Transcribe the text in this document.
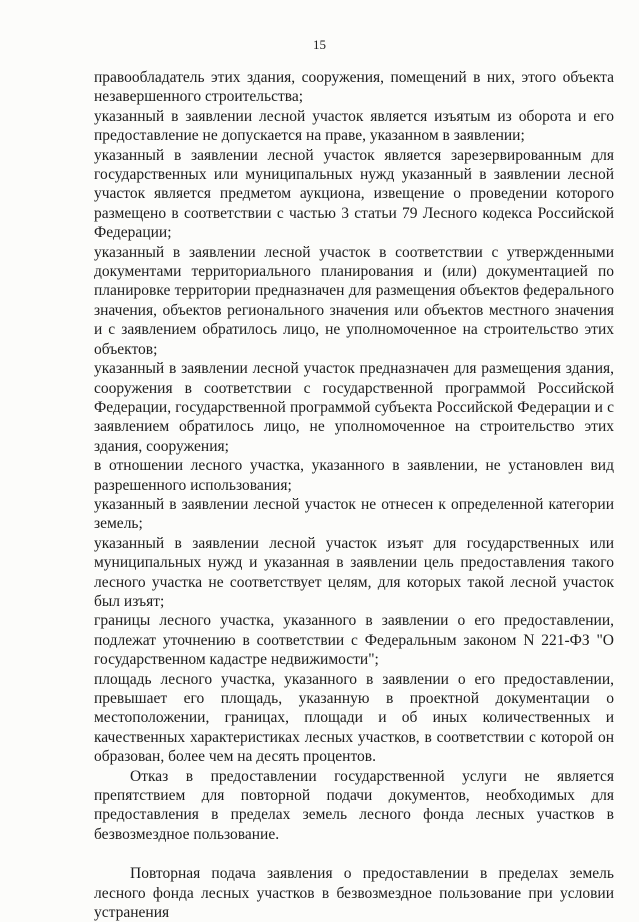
15

правообладатель этих здания, сооружения, помещений в них, этого объекта незавершенного строительства;

указанный в заявлении лесной участок является изъятым из оборота и его предоставление не допускается на праве, указанном в заявлении;

указанный в заявлении лесной участок является зарезервированным для государственных или муниципальных нужд указанный в заявлении лесной участок является предметом аукциона, извещение о проведении которого размещено в соответствии с частью 3 статьи 79 Лесного кодекса Российской Федерации;

указанный в заявлении лесной участок в соответствии с утвержденными документами территориального планирования и (или) документацией по планировке территории предназначен для размещения объектов федерального значения, объектов регионального значения или объектов местного значения и с заявлением обратилось лицо, не уполномоченное на строительство этих объектов;

указанный в заявлении лесной участок предназначен для размещения здания, сооружения в соответствии с государственной программой Российской Федерации, государственной программой субъекта Российской Федерации и с заявлением обратилось лицо, не уполномоченное на строительство этих здания, сооружения;

в отношении лесного участка, указанного в заявлении, не установлен вид разрешенного использования;

указанный в заявлении лесной участок не отнесен к определенной категории земель;

указанный в заявлении лесной участок изъят для государственных или муниципальных нужд и указанная в заявлении цель предоставления такого лесного участка не соответствует целям, для которых такой лесной участок был изъят;

границы лесного участка, указанного в заявлении о его предоставлении, подлежат уточнению в соответствии с Федеральным законом N 221-ФЗ "О государственном кадастре недвижимости";

площадь лесного участка, указанного в заявлении о его предоставлении, превышает его площадь, указанную в проектной документации о местоположении, границах, площади и об иных количественных и качественных характеристиках лесных участков, в соответствии с которой он образован, более чем на десять процентов.

Отказ в предоставлении государственной услуги не является препятствием для повторной подачи документов, необходимых для предоставления в пределах земель лесного фонда лесных участков в безвозмездное пользование.

Повторная подача заявления о предоставлении в пределах земель лесного фонда лесных участков в безвозмездное пользование при условии устранения
